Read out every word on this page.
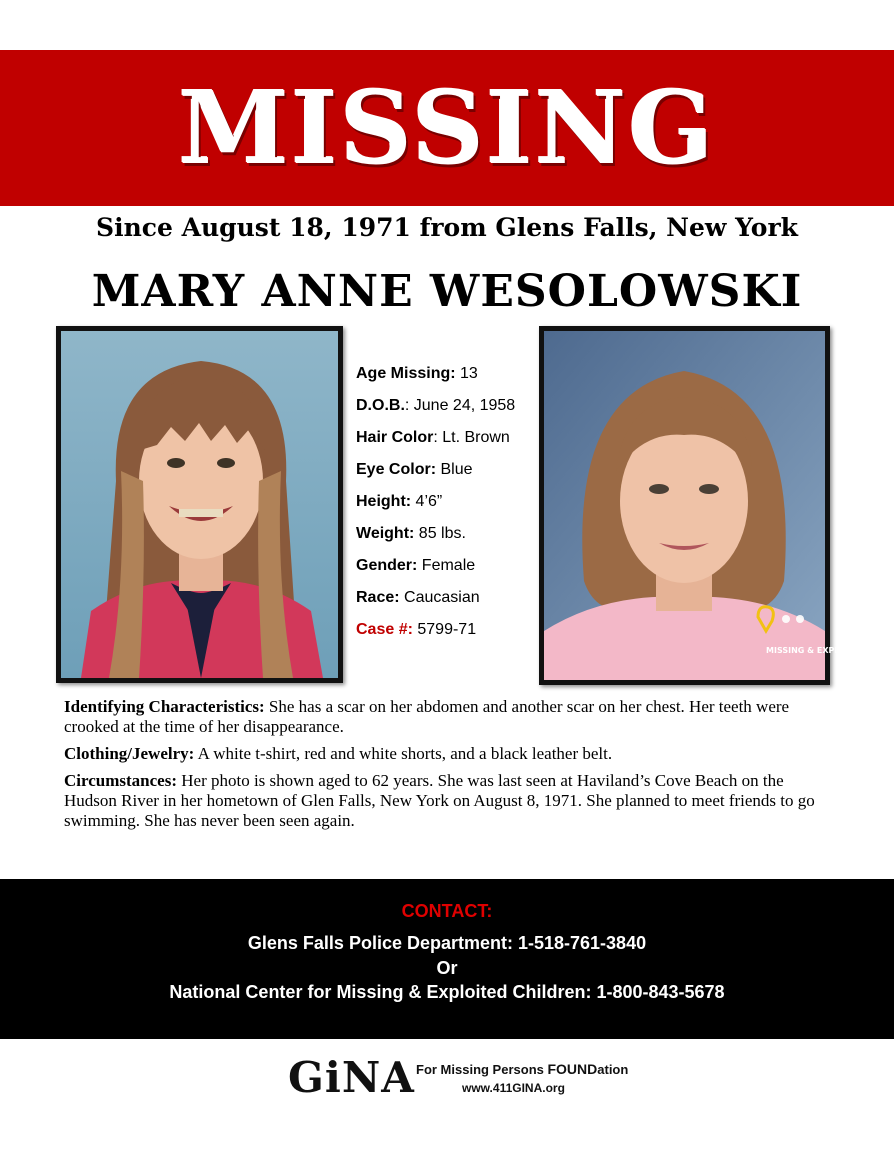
MISSING
Since August 18, 1971 from Glens Falls, New York
MARY ANNE WESOLOWSKI
Age Missing: 13
D.O.B.: June 24, 1958
Hair Color: Lt. Brown
Eye Color: Blue
Height: 4’6”
Weight: 85 lbs.
Gender: Female
Race: Caucasian
Case #: 5799-71
MISSING & EXPLOITED

Identifying Characteristics: She has a scar on her abdomen and another scar on her chest. Her teeth were crooked at the time of her disappearance.

Clothing/Jewelry: A white t-shirt, red and white shorts, and a black leather belt.

Circumstances: Her photo is shown aged to 62 years. She was last seen at Haviland’s Cove Beach on the Hudson River in her hometown of Glen Falls, New York on August 8, 1971. She planned to meet friends to go swimming. She has never been seen again.

CONTACT:
Glens Falls Police Department: 1-518-761-3840
Or
National Center for Missing & Exploited Children: 1-800-843-5678
GiNA For Missing Persons FOUNDation
www.411GINA.org
